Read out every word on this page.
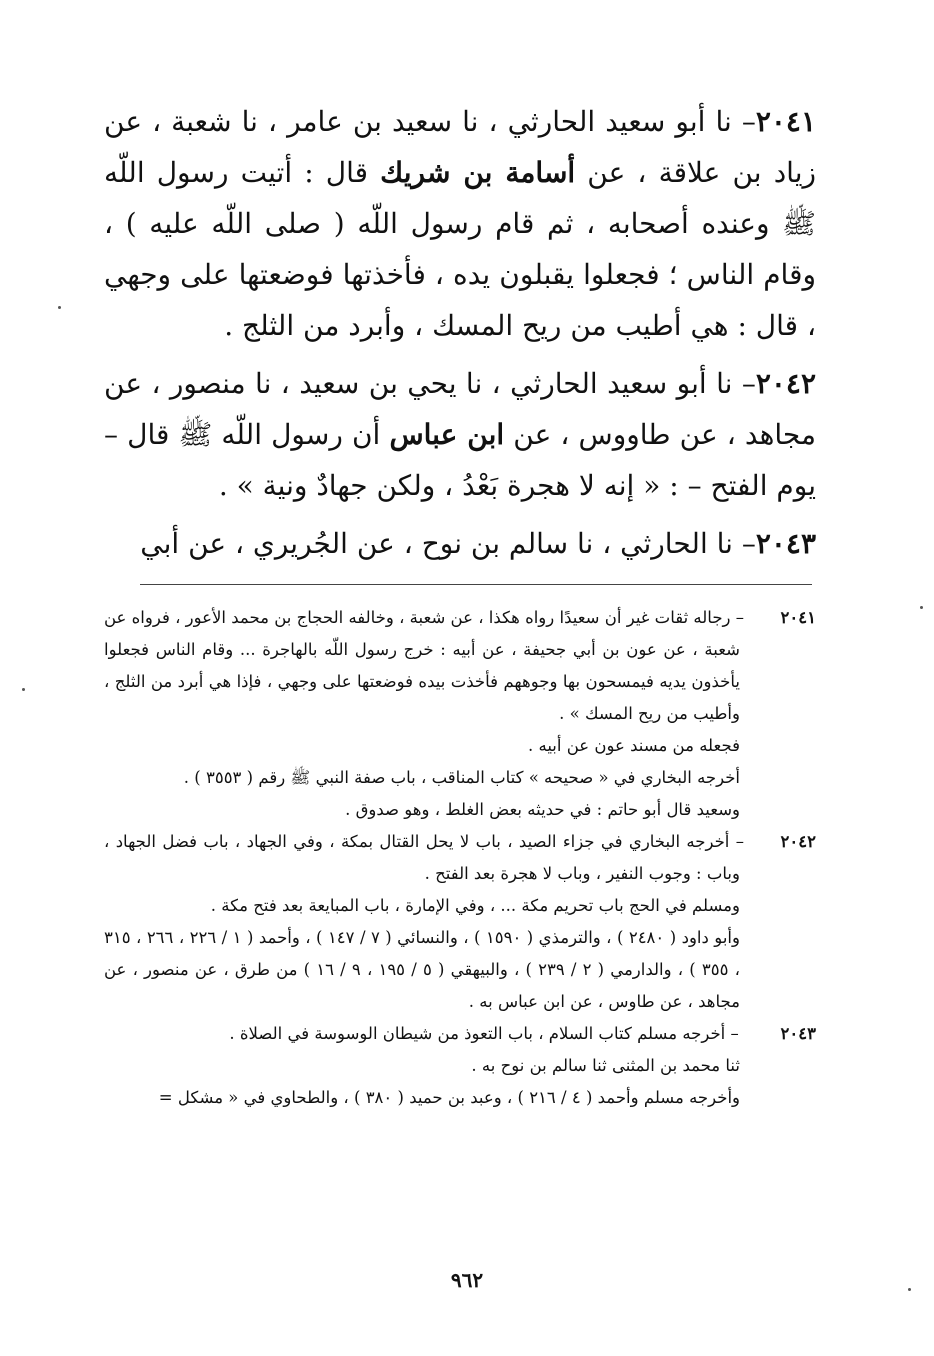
٢٠٤١– نا أبو سعيد الحارثي ، نا سعيد بن عامر ، نا شعبة ، عن زياد بن علاقة ، عن أسامة بن شريك قال : أتيت رسول اللّه ﷺ وعنده أصحابه ، ثم قام رسول اللّه ( صلى اللّه عليه ) ، وقام الناس ؛ فجعلوا يقبلون يده ، فأخذتها فوضعتها على وجهي ، قال : هي أطيب من ريح المسك ، وأبرد من الثلج .

٢٠٤٢– نا أبو سعيد الحارثي ، نا يحي بن سعيد ، نا منصور ، عن مجاهد ، عن طاووس ، عن ابن عباس أن رسول اللّه ﷺ قال – يوم الفتح – : « إنه لا هجرة بَعْدُ ، ولكن جهادٌ ونية » .

٢٠٤٣– نا الحارثي ، نا سالم بن نوح ، عن الجُريري ، عن أبي

٢٠٤١– رجاله ثقات غير أن سعيدًا رواه هكذا ، عن شعبة ، وخالفه الحجاج بن محمد الأعور ، فرواه عن شعبة ، عن عون بن أبي جحيفة ، عن أبيه : خرج رسول اللّه بالهاجرة ... وقام الناس فجعلوا يأخذون يديه فيمسحون بها وجوههم فأخذت بيده فوضعتها على وجهي ، فإذا هي أبرد من الثلج ، وأطيب من ريح المسك » .

فجعله من مسند عون عن أبيه .

أخرجه البخاري في « صحيحه » كتاب المناقب ، باب صفة النبي ﷺ رقم ( ٣٥٥٣ ) .

وسعيد قال أبو حاتم : في حديثه بعض الغلط ، وهو صدوق .

٢٠٤٢– أخرجه البخاري في جزاء الصيد ، باب لا يحل القتال بمكة ، وفي الجهاد ، باب فضل الجهاد ، وباب : وجوب النفير ، وباب لا هجرة بعد الفتح .

ومسلم في الحج باب تحريم مكة ... ، وفي الإمارة ، باب المبايعة بعد فتح مكة .

وأبو داود ( ٢٤٨٠ ) ، والترمذي ( ١٥٩٠ ) ، والنسائي ( ٧ / ١٤٧ ) ، وأحمد ( ١ / ٢٢٦ ، ٢٦٦ ، ٣١٥ ، ٣٥٥ ) ، والدارمي ( ٢ / ٢٣٩ ) ، والبيهقي ( ٥ / ١٩٥ ، ٩ / ١٦ ) من طرق ، عن منصور ، عن مجاهد ، عن طاوس ، عن ابن عباس به .

٢٠٤٣ – أخرجه مسلم كتاب السلام ، باب التعوذ من شيطان الوسوسة في الصلاة .

ثنا محمد بن المثنى ثنا سالم بن نوح به .

وأخرجه مسلم وأحمد ( ٤ / ٢١٦ ) ، وعبد بن حميد ( ٣٨٠ ) ، والطحاوي في « مشكل =

٩٦٢
